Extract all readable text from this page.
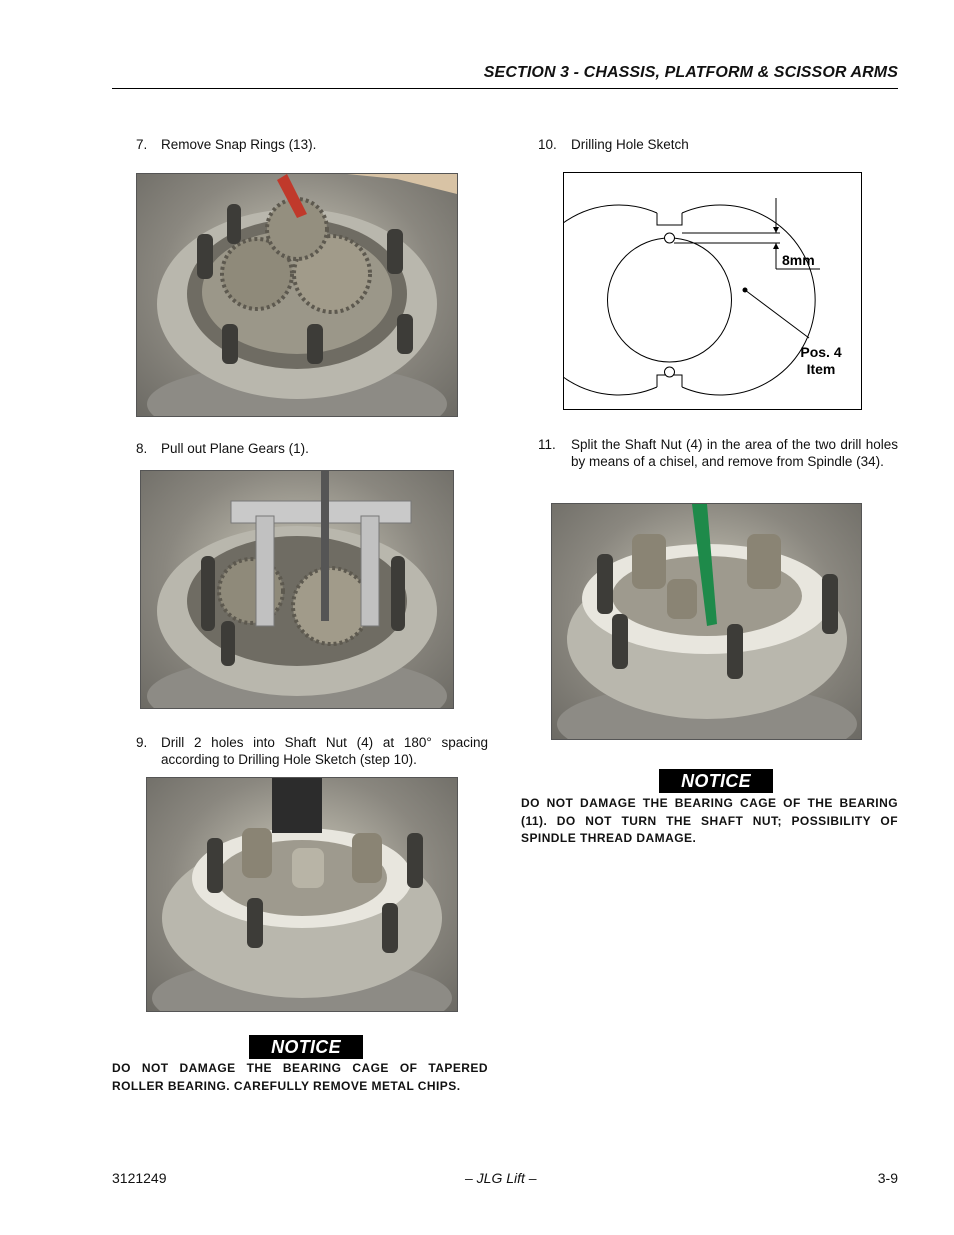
SECTION 3 - CHASSIS, PLATFORM & SCISSOR ARMS
7. Remove Snap Rings (13).
8. Pull out Plane Gears (1).
9. Drill 2 holes into Shaft Nut (4) at 180° spacing according to Drilling Hole Sketch (step 10).
NOTICE
DO NOT DAMAGE THE BEARING CAGE OF TAPERED ROLLER BEARING. CAREFULLY REMOVE METAL CHIPS.
10. Drilling Hole Sketch
8mm
Pos. 4
Item
11. Split the Shaft Nut (4) in the area of the two drill holes by means of a chisel, and remove from Spindle (34).
NOTICE
DO NOT DAMAGE THE BEARING CAGE OF THE BEARING (11). DO NOT TURN THE SHAFT NUT; POSSIBILITY OF SPINDLE THREAD DAMAGE.
3121249	– JLG Lift –	3-9
